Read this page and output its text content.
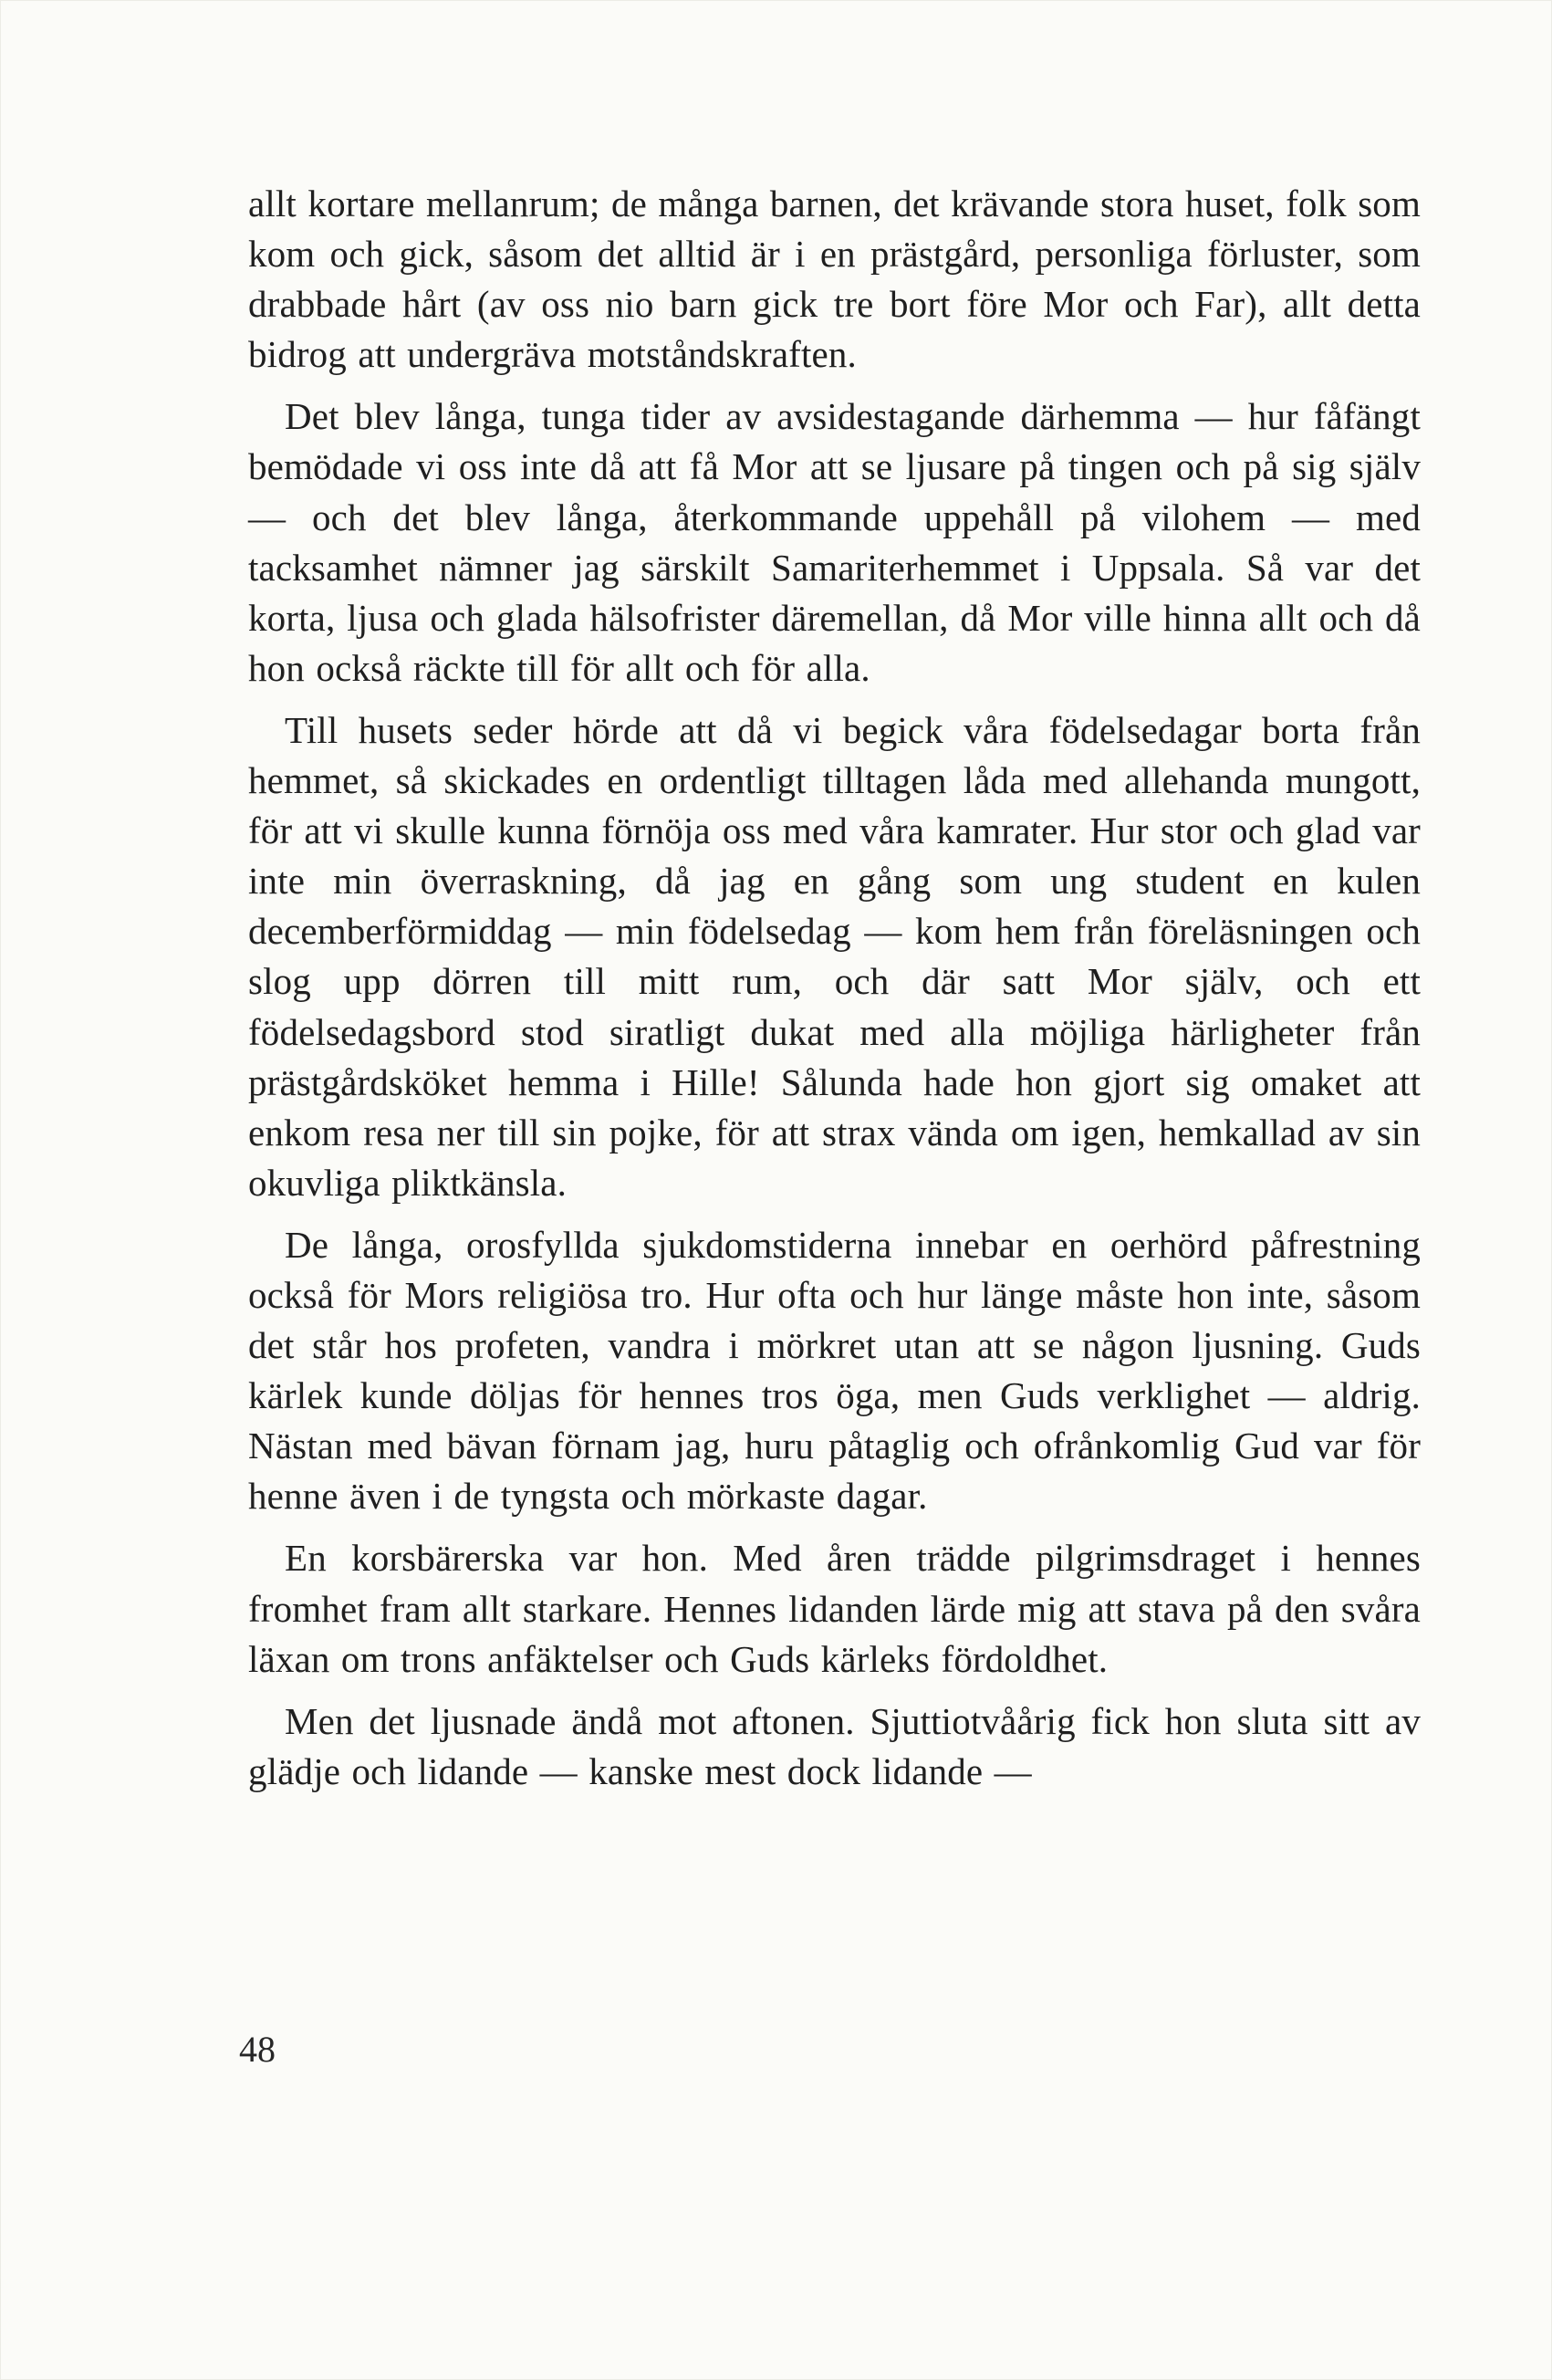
allt kortare mellanrum; de många barnen, det krävande stora huset, folk som kom och gick, såsom det alltid är i en prästgård, personliga förluster, som drabbade hårt (av oss nio barn gick tre bort före Mor och Far), allt detta bidrog att undergräva motståndskraften.

Det blev långa, tunga tider av avsidestagande därhemma — hur fåfängt bemödade vi oss inte då att få Mor att se ljusare på tingen och på sig själv — och det blev långa, återkommande uppehåll på vilohem — med tacksamhet nämner jag särskilt Samariterhemmet i Uppsala. Så var det korta, ljusa och glada hälsofrister däremellan, då Mor ville hinna allt och då hon också räckte till för allt och för alla.

Till husets seder hörde att då vi begick våra födelsedagar borta från hemmet, så skickades en ordentligt tilltagen låda med allehanda mungott, för att vi skulle kunna förnöja oss med våra kamrater. Hur stor och glad var inte min överraskning, då jag en gång som ung student en kulen decemberförmiddag — min födelsedag — kom hem från föreläsningen och slog upp dörren till mitt rum, och där satt Mor själv, och ett födelsedagsbord stod siratligt dukat med alla möjliga härligheter från prästgårdsköket hemma i Hille! Sålunda hade hon gjort sig omaket att enkom resa ner till sin pojke, för att strax vända om igen, hemkallad av sin okuvliga pliktkänsla.

De långa, orosfyllda sjukdomstiderna innebar en oerhörd påfrestning också för Mors religiösa tro. Hur ofta och hur länge måste hon inte, såsom det står hos profeten, vandra i mörkret utan att se någon ljusning. Guds kärlek kunde döljas för hennes tros öga, men Guds verklighet — aldrig. Nästan med bävan förnam jag, huru påtaglig och ofrånkomlig Gud var för henne även i de tyngsta och mörkaste dagar.

En korsbärerska var hon. Med åren trädde pilgrimsdraget i hennes fromhet fram allt starkare. Hennes lidanden lärde mig att stava på den svåra läxan om trons anfäktelser och Guds kärleks fördoldhet.

Men det ljusnade ändå mot aftonen. Sjuttiotvåårig fick hon sluta sitt av glädje och lidande — kanske mest dock lidande —

48
